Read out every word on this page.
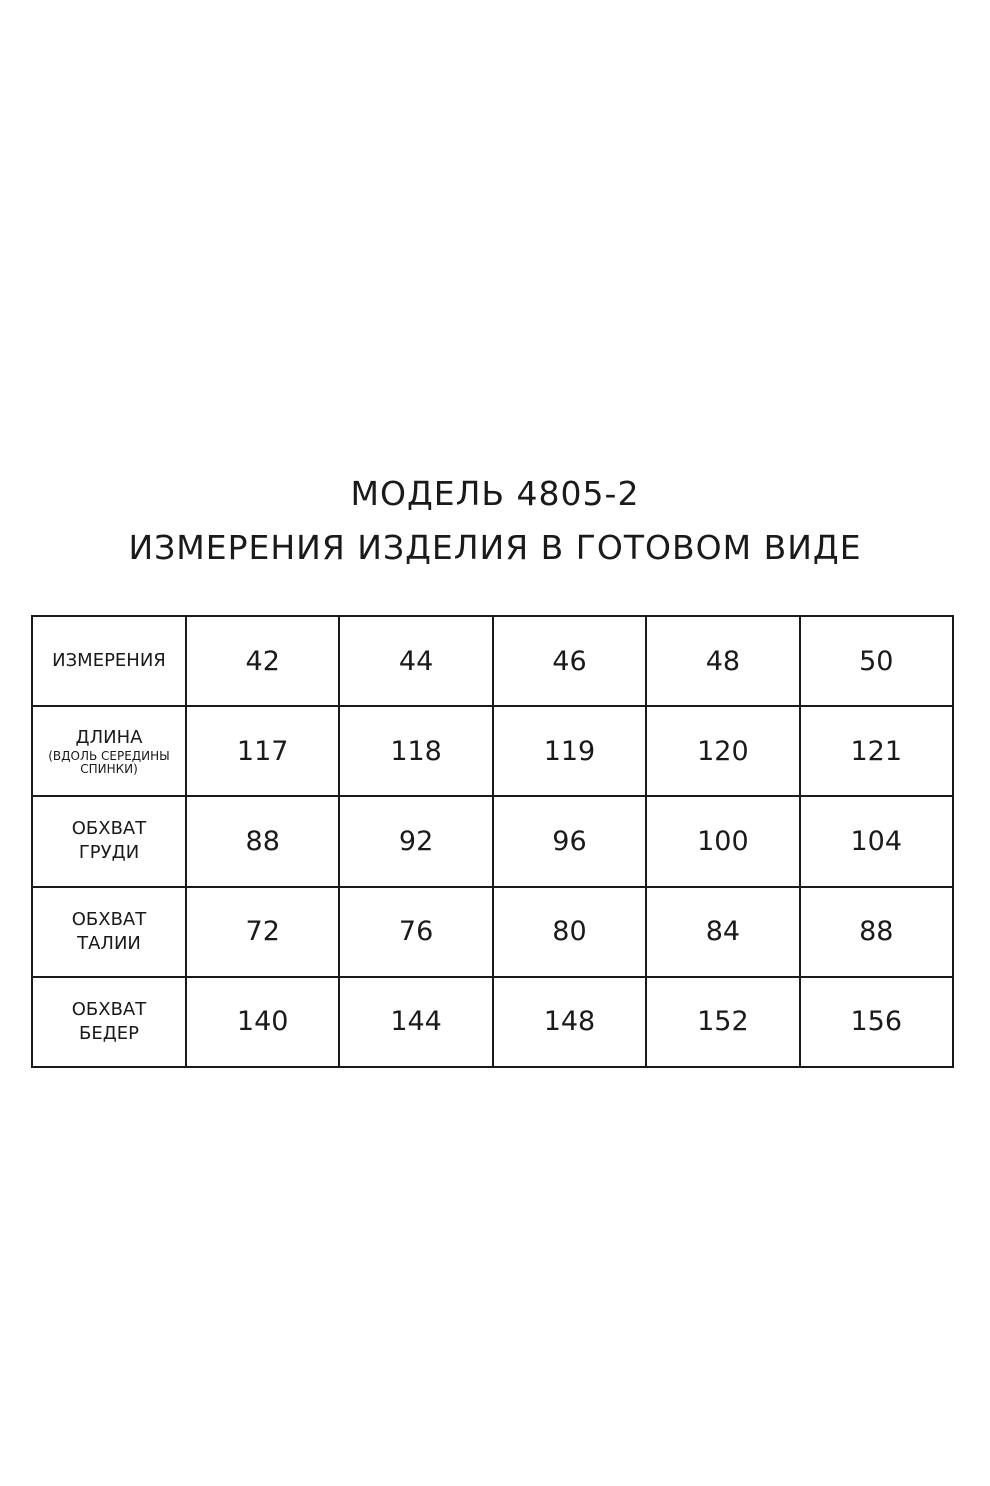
МОДЕЛЬ 4805-2
ИЗМЕРЕНИЯ ИЗДЕЛИЯ В ГОТОВОМ ВИДЕ
ИЗМЕРЕНИЯ	42	44	46	48	50
ДЛИНА
(ВДОЛЬ СЕРЕДИНЫ СПИНКИ)	117	118	119	120	121
ОБХВАТ
ГРУДИ	88	92	96	100	104
ОБХВАТ
ТАЛИИ	72	76	80	84	88
ОБХВАТ
БЕДЕР	140	144	148	152	156
